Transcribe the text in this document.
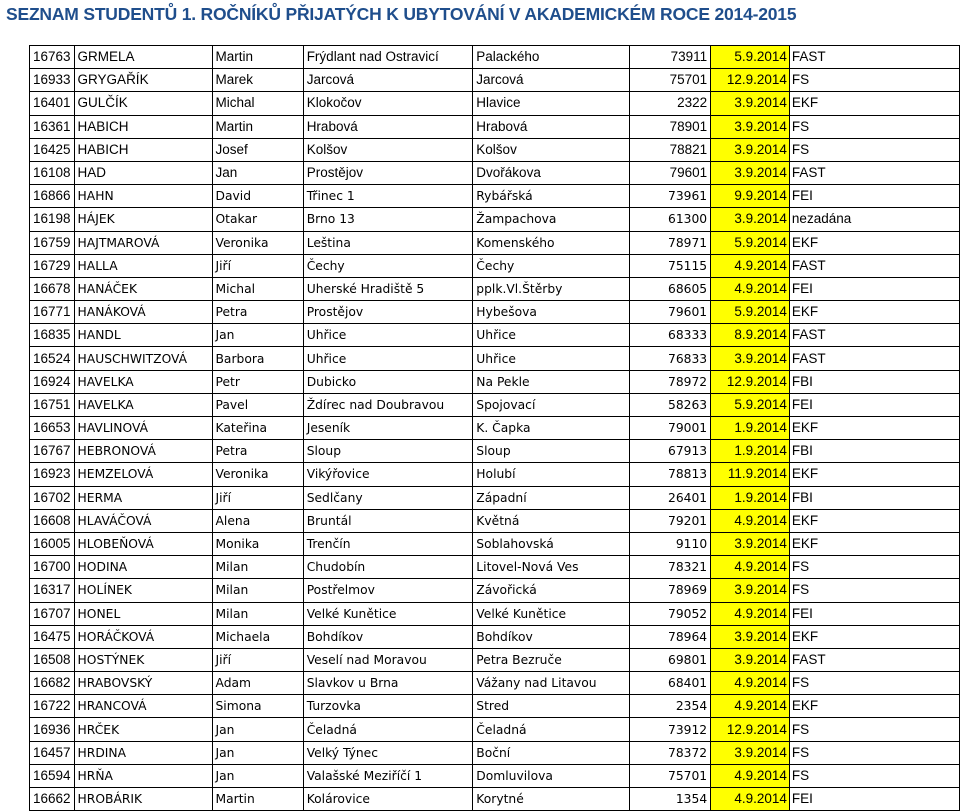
SEZNAM STUDENTŮ 1. ROČNÍKŮ PŘIJATÝCH K UBYTOVÁNÍ V AKADEMICKÉM ROCE 2014-2015
16763	GRMELA	Martin	Frýdlant nad Ostravicí	Palackého	73911	5.9.2014	FAST
16933	GRYGAŘÍK	Marek	Jarcová	Jarcová	75701	12.9.2014	FS
16401	GULČÍK	Michal	Klokočov	Hlavice	2322	3.9.2014	EKF
16361	HABICH	Martin	Hrabová	Hrabová	78901	3.9.2014	FS
16425	HABICH	Josef	Kolšov	Kolšov	78821	3.9.2014	FS
16108	HAD	Jan	Prostějov	Dvořákova	79601	3.9.2014	FAST
16866	HAHN	David	Třinec 1	Rybářská	73961	9.9.2014	FEI
16198	HÁJEK	Otakar	Brno 13	Žampachova	61300	3.9.2014	nezadána
16759	HAJTMAROVÁ	Veronika	Leština	Komenského	78971	5.9.2014	EKF
16729	HALLA	Jiří	Čechy	Čechy	75115	4.9.2014	FAST
16678	HANÁČEK	Michal	Uherské Hradiště 5	pplk.Vl.Štěrby	68605	4.9.2014	FEI
16771	HANÁKOVÁ	Petra	Prostějov	Hybešova	79601	5.9.2014	EKF
16835	HANDL	Jan	Uhřice	Uhřice	68333	8.9.2014	FAST
16524	HAUSCHWITZOVÁ	Barbora	Uhřice	Uhřice	76833	3.9.2014	FAST
16924	HAVELKA	Petr	Dubicko	Na Pekle	78972	12.9.2014	FBI
16751	HAVELKA	Pavel	Ždírec nad Doubravou	Spojovací	58263	5.9.2014	FEI
16653	HAVLINOVÁ	Kateřina	Jeseník	K. Čapka	79001	1.9.2014	EKF
16767	HEBRONOVÁ	Petra	Sloup	Sloup	67913	1.9.2014	FBI
16923	HEMZELOVÁ	Veronika	Vikýřovice	Holubí	78813	11.9.2014	EKF
16702	HERMA	Jiří	Sedlčany	Západní	26401	1.9.2014	FBI
16608	HLAVÁČOVÁ	Alena	Bruntál	Květná	79201	4.9.2014	EKF
16005	HLOBEŇOVÁ	Monika	Trenčín	Soblahovská	9110	3.9.2014	EKF
16700	HODINA	Milan	Chudobín	Litovel-Nová Ves	78321	4.9.2014	FS
16317	HOLÍNEK	Milan	Postřelmov	Závořická	78969	3.9.2014	FS
16707	HONEL	Milan	Velké Kunětice	Velké Kunětice	79052	4.9.2014	FEI
16475	HORÁČKOVÁ	Michaela	Bohdíkov	Bohdíkov	78964	3.9.2014	EKF
16508	HOSTÝNEK	Jiří	Veselí nad Moravou	Petra Bezruče	69801	3.9.2014	FAST
16682	HRABOVSKÝ	Adam	Slavkov u Brna	Vážany nad Litavou	68401	4.9.2014	FS
16722	HRANCOVÁ	Simona	Turzovka	Stred	2354	4.9.2014	EKF
16936	HRČEK	Jan	Čeladná	Čeladná	73912	12.9.2014	FS
16457	HRDINA	Jan	Velký Týnec	Boční	78372	3.9.2014	FS
16594	HRŇA	Jan	Valašské Meziříčí 1	Domluvilova	75701	4.9.2014	FS
16662	HROBÁRIK	Martin	Kolárovice	Korytné	1354	4.9.2014	FEI
